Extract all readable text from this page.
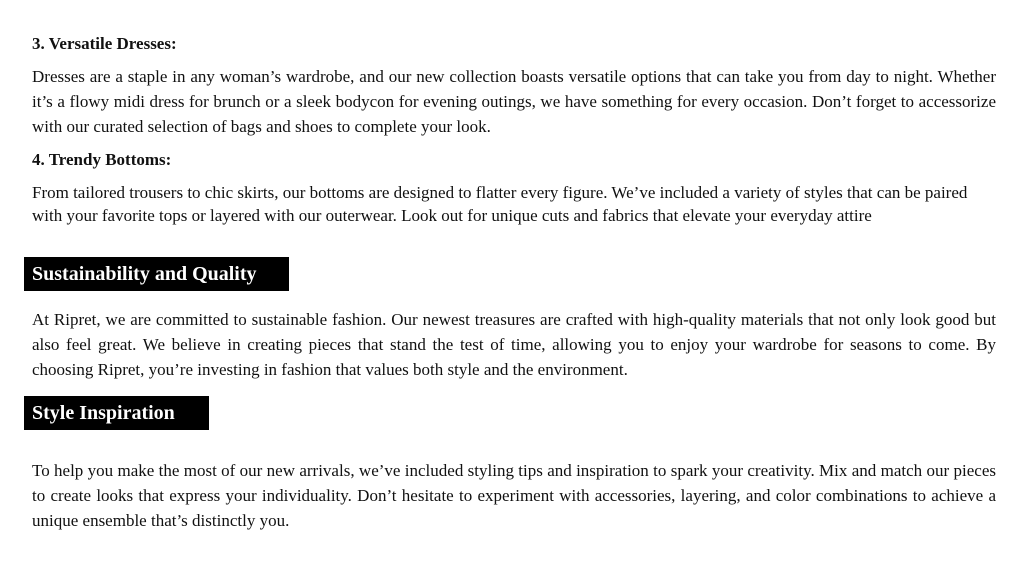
3. Versatile Dresses:

Dresses are a staple in any woman’s wardrobe, and our new collection boasts versatile options that can take you from day to night. Whether it’s a flowy midi dress for brunch or a sleek bodycon for evening outings, we have something for every occasion. Don’t forget to accessorize with our curated selection of bags and shoes to complete your look.

4. Trendy Bottoms:

From tailored trousers to chic skirts, our bottoms are designed to flatter every figure. We’ve included a variety of styles that can be paired with your favorite tops or layered with our outerwear. Look out for unique cuts and fabrics that elevate your everyday attire

Sustainability and Quality

At Ripret, we are committed to sustainable fashion. Our newest treasures are crafted with high-quality materials that not only look good but also feel great. We believe in creating pieces that stand the test of time, allowing you to enjoy your wardrobe for seasons to come. By choosing Ripret, you’re investing in fashion that values both style and the environment.

Style Inspiration

To help you make the most of our new arrivals, we’ve included styling tips and inspiration to spark your creativity. Mix and match our pieces to create looks that express your individuality. Don’t hesitate to experiment with accessories, layering, and color combinations to achieve a unique ensemble that’s distinctly you.
